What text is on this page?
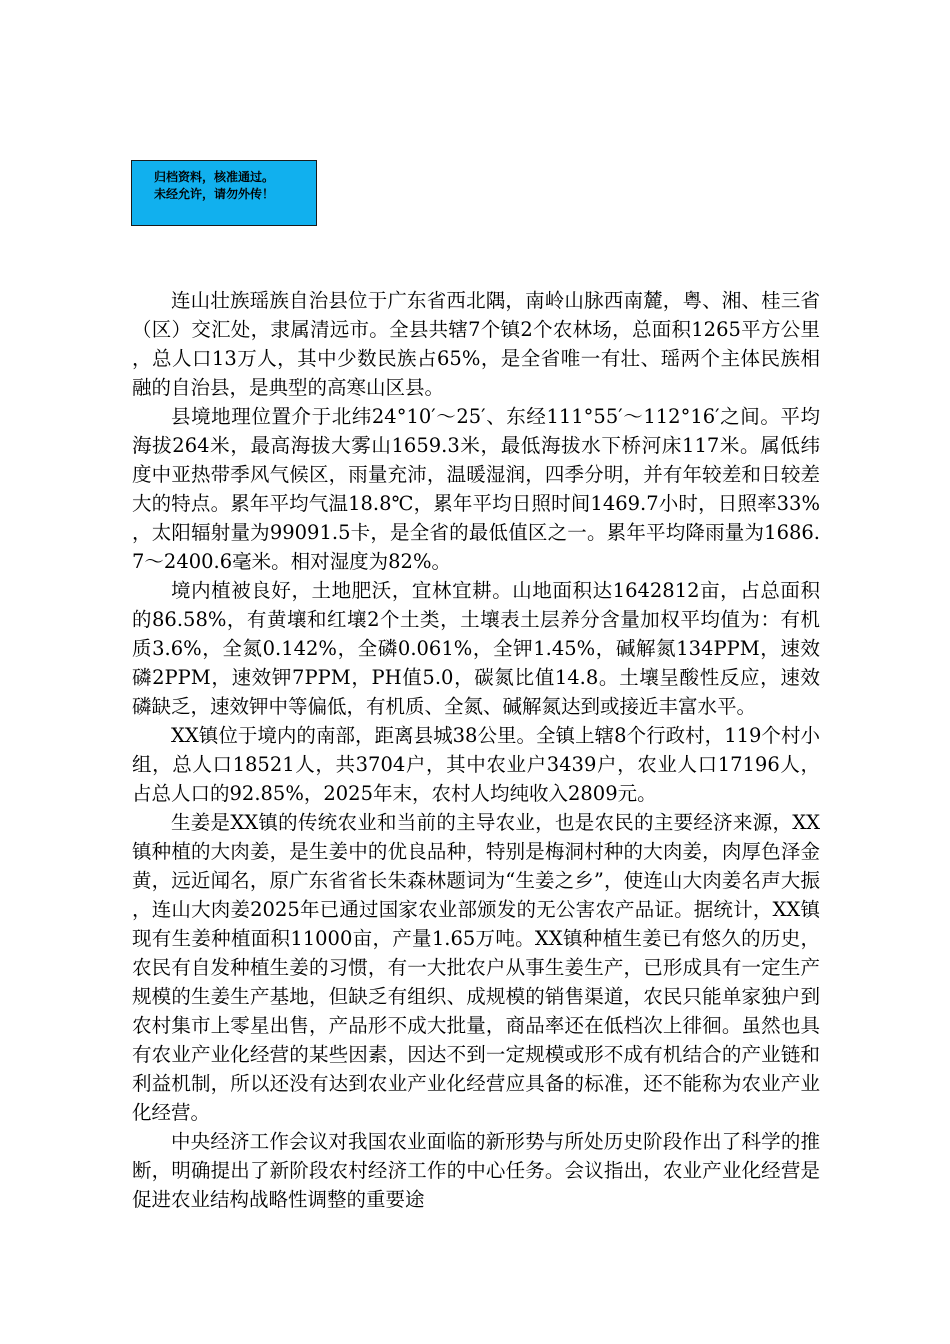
归档资料，核准通过。
未经允许，请勿外传！

连山壮族瑶族自治县位于广东省西北隅，南岭山脉西南麓，粤、湘、桂三省（区）交汇处，隶属清远市。全县共辖7个镇2个农林场，总面积1265平方公里，总人口13万人，其中少数民族占65%，是全省唯一有壮、瑶两个主体民族相融的自治县，是典型的高寒山区县。

县境地理位置介于北纬24°10′～25′、东经111°55′～112°16′之间。平均海拔264米，最高海拔大雾山1659.3米，最低海拔水下桥河床117米。属低纬度中亚热带季风气候区，雨量充沛，温暖湿润，四季分明，并有年较差和日较差大的特点。累年平均气温18.8℃，累年平均日照时间1469.7小时，日照率33%，太阳辐射量为99091.5卡，是全省的最低值区之一。累年平均降雨量为1686.7～2400.6毫米。相对湿度为82%。

境内植被良好，土地肥沃，宜林宜耕。山地面积达1642812亩，占总面积的86.58%，有黄壤和红壤2个土类，土壤表土层养分含量加权平均值为：有机质3.6%，全氮0.142%，全磷0.061%，全钾1.45%，碱解氮134PPM，速效磷2PPM，速效钾7PPM，PH值5.0，碳氮比值14.8。土壤呈酸性反应，速效磷缺乏，速效钾中等偏低，有机质、全氮、碱解氮达到或接近丰富水平。

XX镇位于境内的南部，距离县城38公里。全镇上辖8个行政村，119个村小组，总人口18521人，共3704户，其中农业户3439户，农业人口17196人，占总人口的92.85%，2025年末，农村人均纯收入2809元。

生姜是XX镇的传统农业和当前的主导农业，也是农民的主要经济来源，XX镇种植的大肉姜，是生姜中的优良品种，特别是梅洞村种的大肉姜，肉厚色泽金黄，远近闻名，原广东省省长朱森林题词为“生姜之乡”，使连山大肉姜名声大振，连山大肉姜2025年已通过国家农业部颁发的无公害农产品证。据统计，XX镇现有生姜种植面积11000亩，产量1.65万吨。XX镇种植生姜已有悠久的历史，农民有自发种植生姜的习惯，有一大批农户从事生姜生产，已形成具有一定生产规模的生姜生产基地，但缺乏有组织、成规模的销售渠道，农民只能单家独户到农村集市上零星出售，产品形不成大批量，商品率还在低档次上徘徊。虽然也具有农业产业化经营的某些因素，因达不到一定规模或形不成有机结合的产业链和利益机制，所以还没有达到农业产业化经营应具备的标准，还不能称为农业产业化经营。

中央经济工作会议对我国农业面临的新形势与所处历史阶段作出了科学的推断，明确提出了新阶段农村经济工作的中心任务。会议指出，农业产业化经营是促进农业结构战略性调整的重要途
